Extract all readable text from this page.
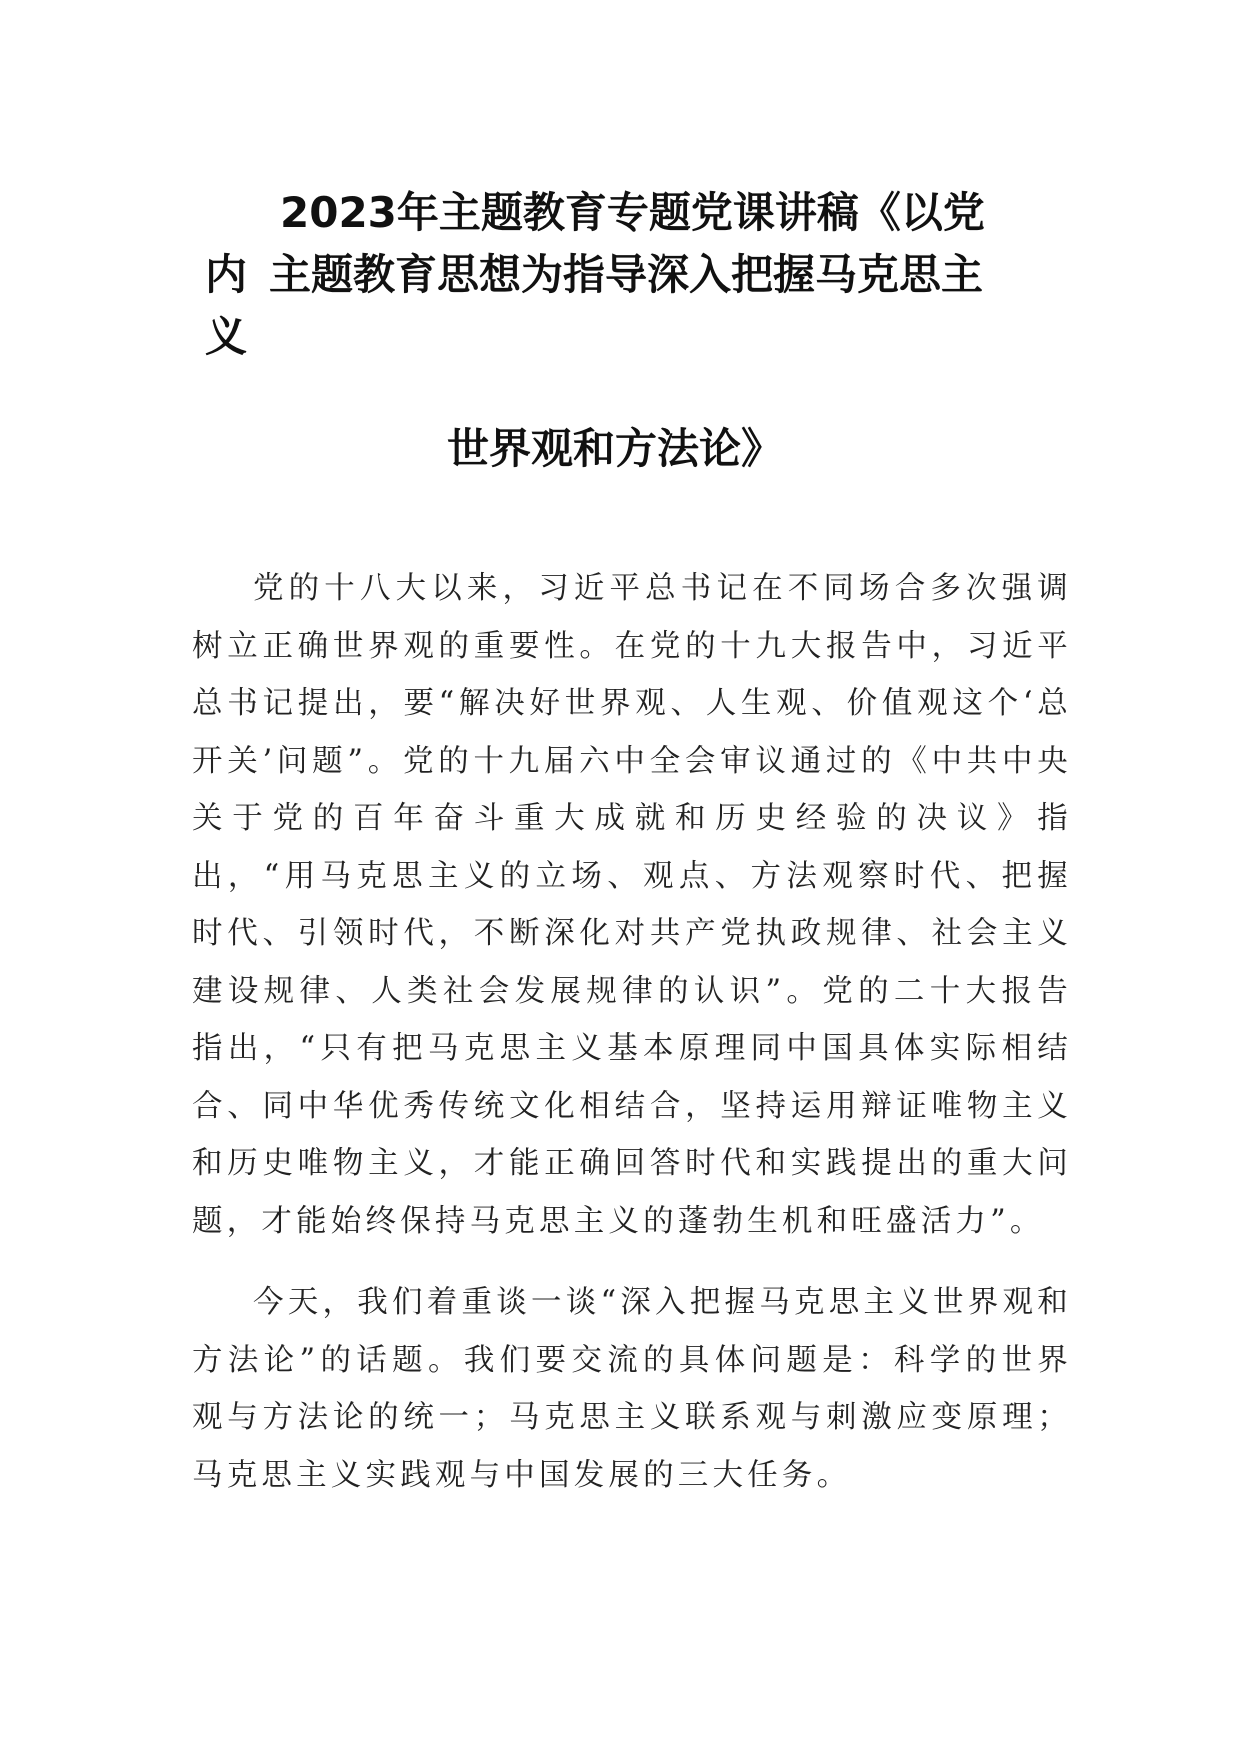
2023年主题教育专题党课讲稿《以党
内 主题教育思想为指导深入把握马克思主
义
世界观和方法论》

党的十八大以来，习近平总书记在不同场合多次强调树立正确世界观的重要性。在党的十九大报告中，习近平总书记提出，要“解决好世界观、人生观、价值观这个‘总开关’问题”。党的十九届六中全会审议通过的《中共中央关于党的百年奋斗重大成就和历史经验的决议》指出，“用马克思主义的立场、观点、方法观察时代、把握时代、引领时代，不断深化对共产党执政规律、社会主义建设规律、人类社会发展规律的认识”。党的二十大报告指出，“只有把马克思主义基本原理同中国具体实际相结合、同中华优秀传统文化相结合，坚持运用辩证唯物主义和历史唯物主义，才能正确回答时代和实践提出的重大问题，才能始终保持马克思主义的蓬勃生机和旺盛活力”。

今天，我们着重谈一谈“深入把握马克思主义世界观和方法论”的话题。我们要交流的具体问题是：科学的世界观与方法论的统一；马克思主义联系观与刺激应变原理；马克思主义实践观与中国发展的三大任务。
